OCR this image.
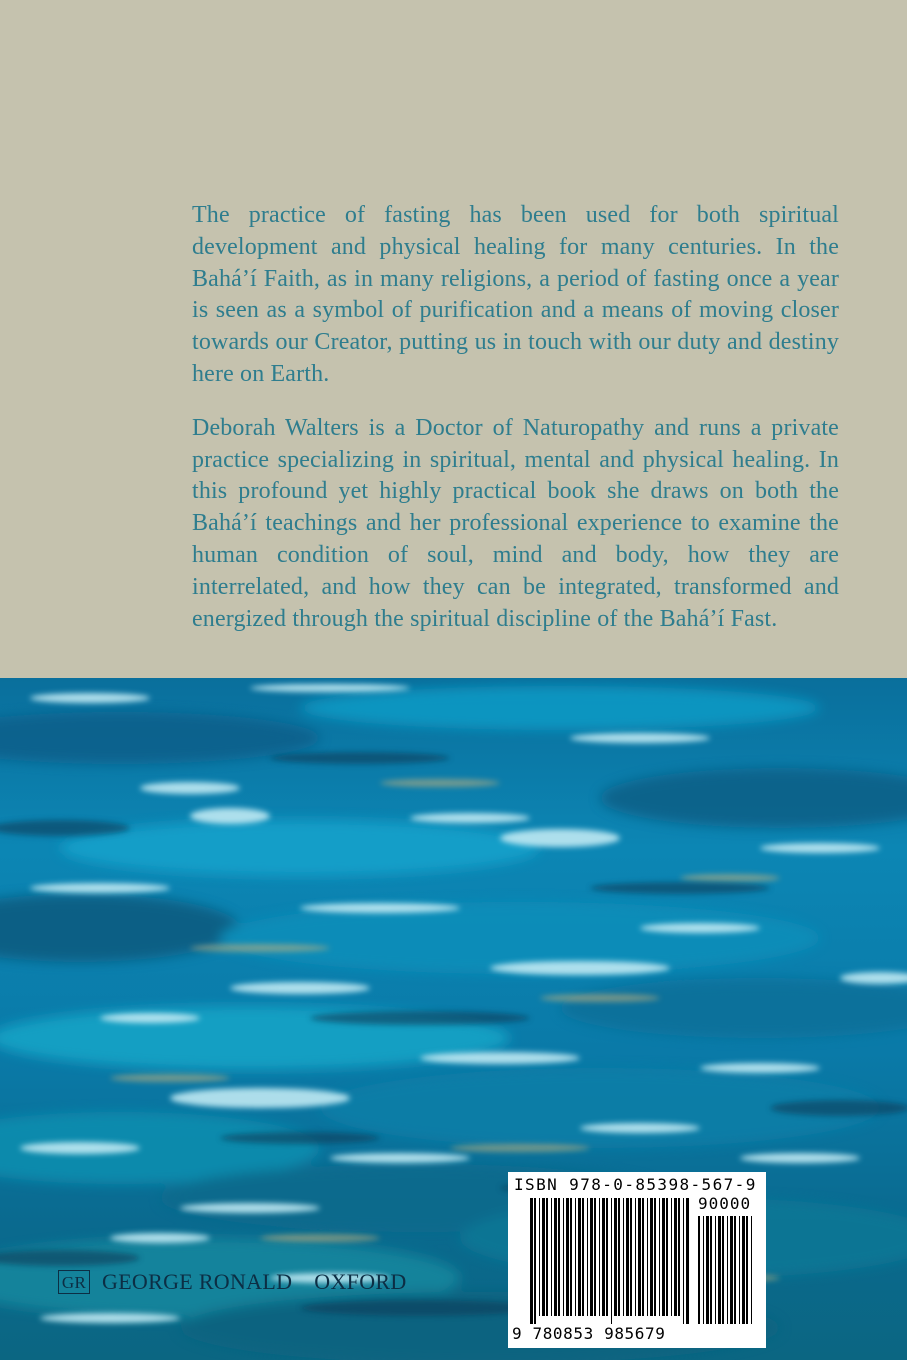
The practice of fasting has been used for both spiritual development and physical healing for many centuries. In the Bahá’í Faith, as in many religions, a period of fasting once a year is seen as a symbol of purification and a means of moving closer towards our Creator, putting us in touch with our duty and destiny here on Earth.

Deborah Walters is a Doctor of Naturopathy and runs a private practice specializing in spiritual, mental and physical healing. In this profound yet highly practical book she draws on both the Bahá’í teachings and her professional experience to examine the human condition of soul, mind and body, how they are interrelated, and how they can be integrated, transformed and energized through the spiritual discipline of the Bahá’í Fast.

GR GEORGE RONALD OXFORD
ISBN 978-0-85398-567-9
90000
9 780853 985679
